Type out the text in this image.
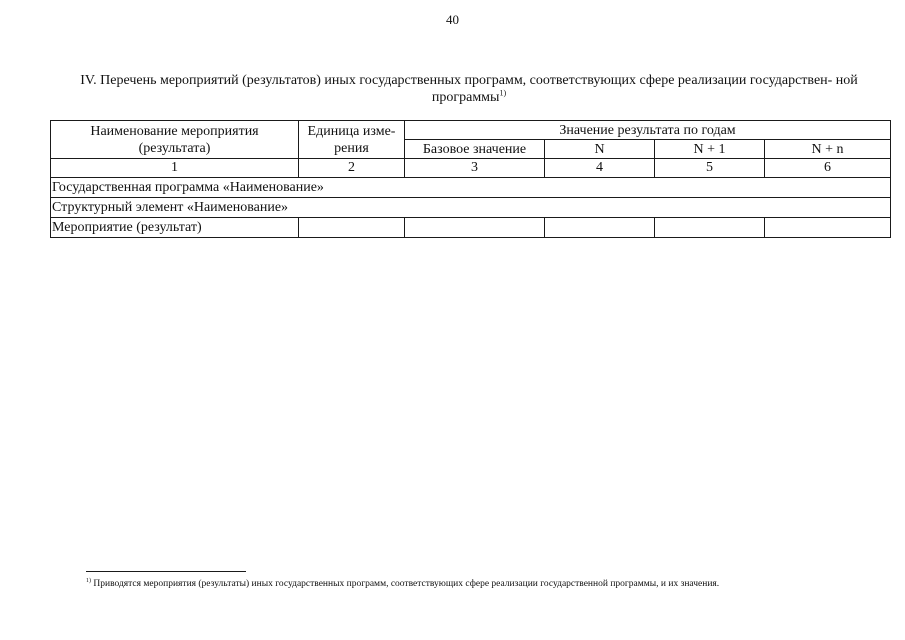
40
IV. Перечень мероприятий (результатов) иных государственных программ, соответствующих сфере реализации государствен- ной программы$^{1)}$
Наименование мероприятия (результата)	Единица изме- рения	Значение результата по годам			
		Базовое значение	N	N + 1	N + n
1	2	3	4	5	6
Государственная программа «Наименование»					
Структурный элемент «Наименование»					
Мероприятие (результат)					
$^{1)}$ Приводятся мероприятия (результаты) иных государственных программ, соответствующих сфере реализации государственной программы, и их значения.
